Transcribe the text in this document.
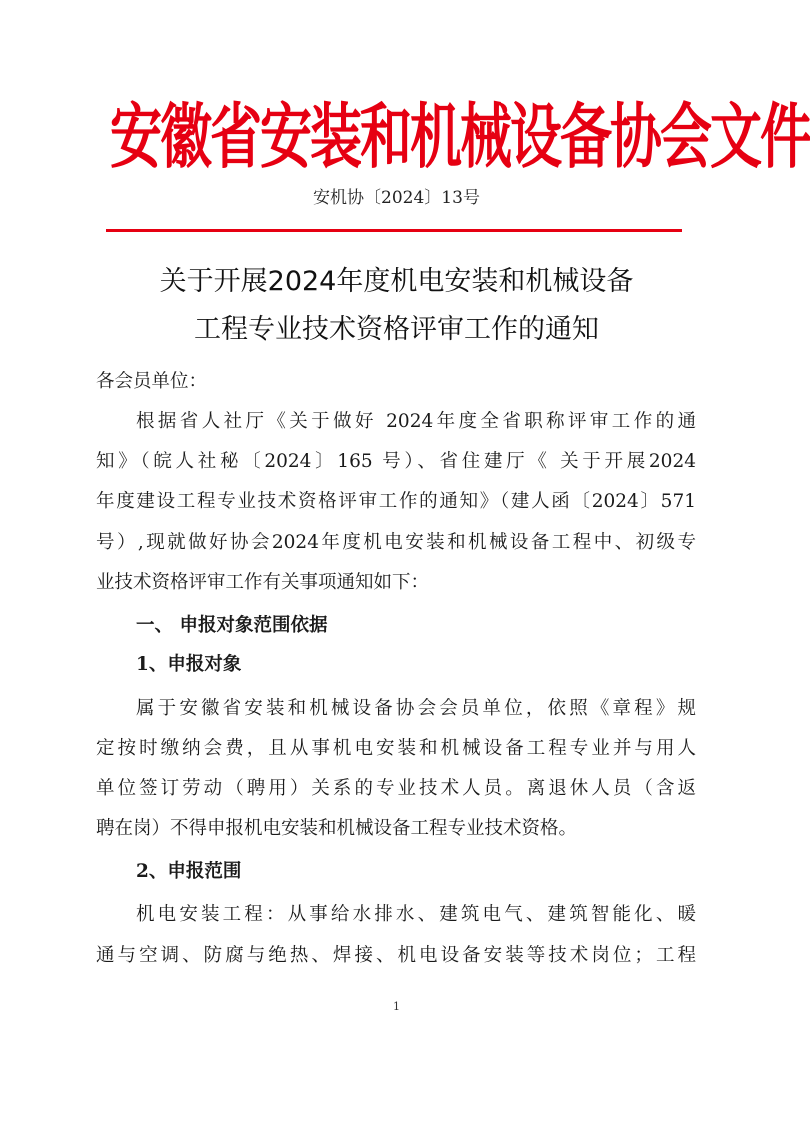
安徽省安装和机械设备协会文件
安机协〔2024〕13号
关于开展2024年度机电安装和机械设备
工程专业技术资格评审工作的通知
各会员单位：
根据省人社厅《关于做好 2024年度全省职称评审工作的通
知》（皖人社秘〔2024〕165 号）、省住建厅《 关于开展2024
年度建设工程专业技术资格评审工作的通知》（建人函〔2024〕571
号）,现就做好协会2024年度机电安装和机械设备工程中、初级专
业技术资格评审工作有关事项通知如下：
一、 申报对象范围依据
1、申报对象
属于安徽省安装和机械设备协会会员单位，依照《章程》规
定按时缴纳会费，且从事机电安装和机械设备工程专业并与用人
单位签订劳动（聘用）关系的专业技术人员。离退休人员（含返
聘在岗）不得申报机电安装和机械设备工程专业技术资格。
2、申报范围
机电安装工程：从事给水排水、建筑电气、建筑智能化、暖
通与空调、防腐与绝热、焊接、机电设备安装等技术岗位；工程
1
